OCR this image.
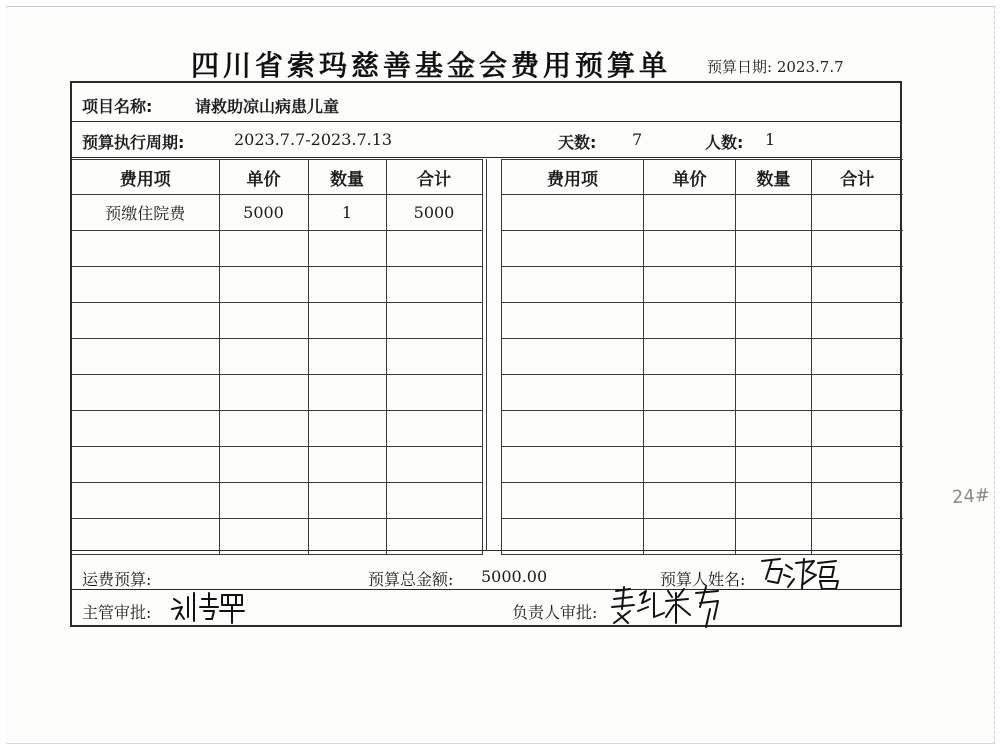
四川省索玛慈善基金会费用预算单	预算日期: 2023.7.7
项目名称:	请救助凉山病患儿童
预算执行周期:	2023.7.7-2023.7.13	天数: 7	人数: 1
费用项	单价	数量	合计
预缴住院费	5000	1	5000

费用项	单价	数量	合计

运费预算:	预算总金额: 5000.00	预算人姓名:
主管审批:	负责人审批:
24#
